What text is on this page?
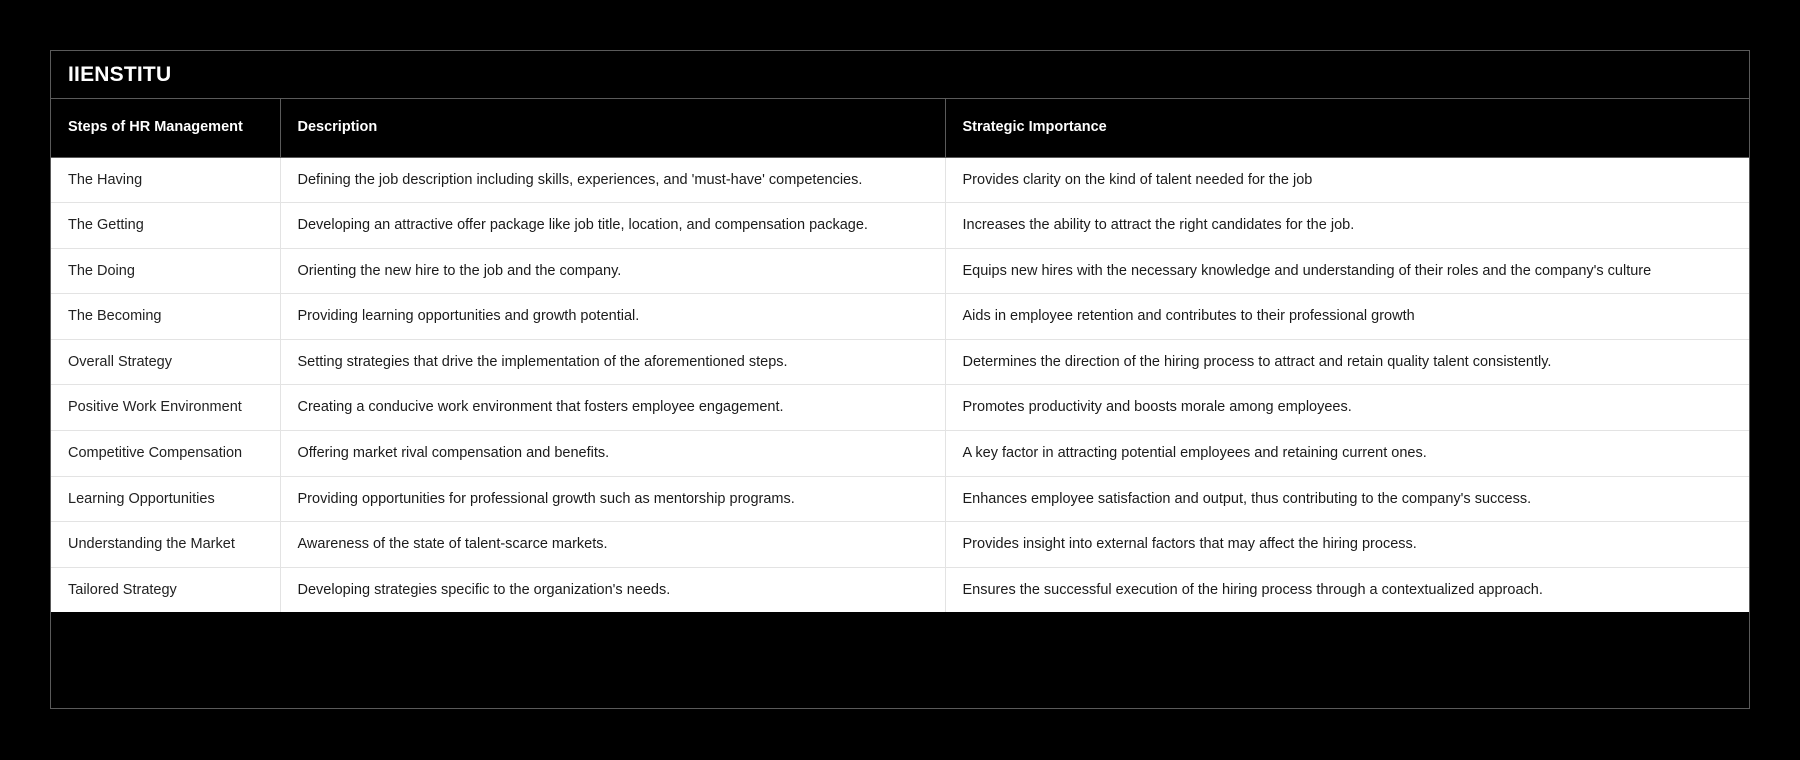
IIENSTITU
Steps of HR Management	Description	Strategic Importance
The Having	Defining the job description including skills, experiences, and 'must-have' competencies.	Provides clarity on the kind of talent needed for the job
The Getting	Developing an attractive offer package like job title, location, and compensation package.	Increases the ability to attract the right candidates for the job.
The Doing	Orienting the new hire to the job and the company.	Equips new hires with the necessary knowledge and understanding of their roles and the company's culture
The Becoming	Providing learning opportunities and growth potential.	Aids in employee retention and contributes to their professional growth
Overall Strategy	Setting strategies that drive the implementation of the aforementioned steps.	Determines the direction of the hiring process to attract and retain quality talent consistently.
Positive Work Environment	Creating a conducive work environment that fosters employee engagement.	Promotes productivity and boosts morale among employees.
Competitive Compensation	Offering market rival compensation and benefits.	A key factor in attracting potential employees and retaining current ones.
Learning Opportunities	Providing opportunities for professional growth such as mentorship programs.	Enhances employee satisfaction and output, thus contributing to the company's success.
Understanding the Market	Awareness of the state of talent-scarce markets.	Provides insight into external factors that may affect the hiring process.
Tailored Strategy	Developing strategies specific to the organization's needs.	Ensures the successful execution of the hiring process through a contextualized approach.
